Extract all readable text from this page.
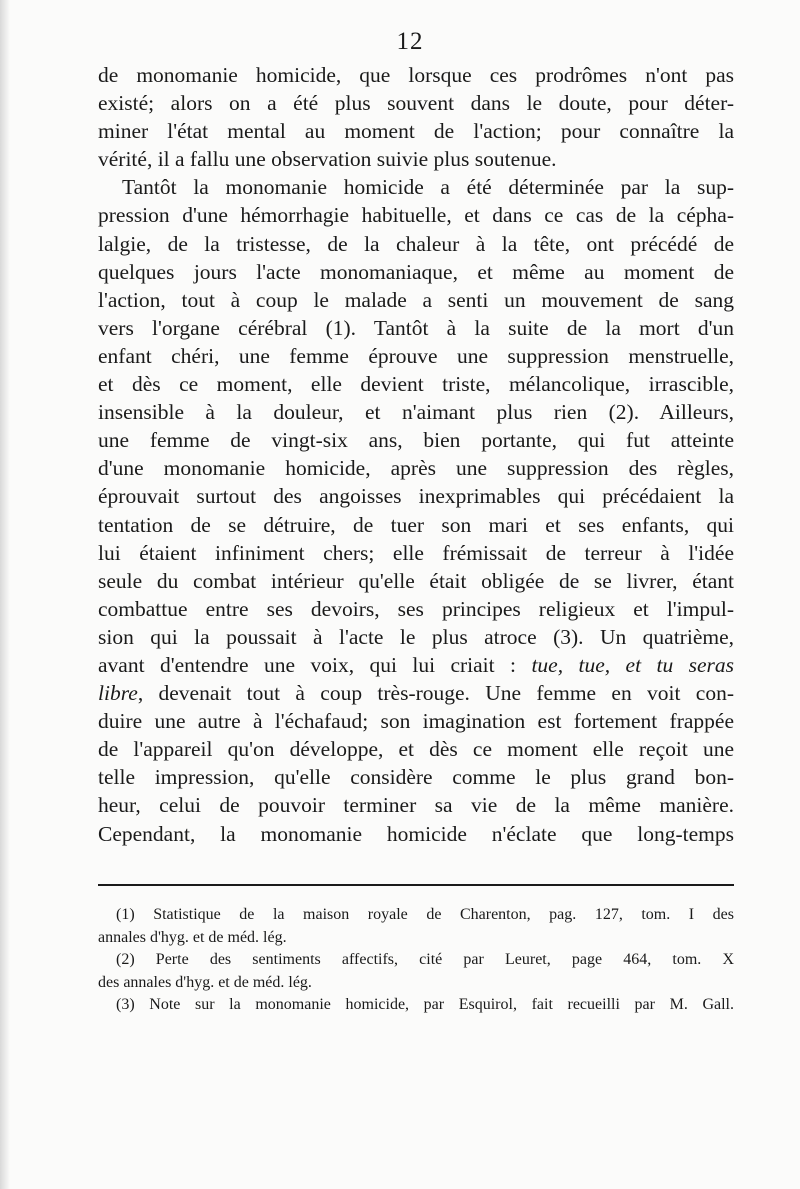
12
de monomanie homicide, que lorsque ces prodrômes n'ont pas
existé; alors on a été plus souvent dans le doute, pour déter-
miner l'état mental au moment de l'action; pour connaître la
vérité, il a fallu une observation suivie plus soutenue.
Tantôt la monomanie homicide a été déterminée par la sup-
pression d'une hémorrhagie habituelle, et dans ce cas de la cépha-
lalgie, de la tristesse, de la chaleur à la tête, ont précédé de
quelques jours l'acte monomaniaque, et même au moment de
l'action, tout à coup le malade a senti un mouvement de sang
vers l'organe cérébral (1). Tantôt à la suite de la mort d'un
enfant chéri, une femme éprouve une suppression menstruelle,
et dès ce moment, elle devient triste, mélancolique, irrascible,
insensible à la douleur, et n'aimant plus rien (2). Ailleurs,
une femme de vingt-six ans, bien portante, qui fut atteinte
d'une monomanie homicide, après une suppression des règles,
éprouvait surtout des angoisses inexprimables qui précédaient la
tentation de se détruire, de tuer son mari et ses enfants, qui
lui étaient infiniment chers; elle frémissait de terreur à l'idée
seule du combat intérieur qu'elle était obligée de se livrer, étant
combattue entre ses devoirs, ses principes religieux et l'impul-
sion qui la poussait à l'acte le plus atroce (3). Un quatrième,
avant d'entendre une voix, qui lui criait : tue, tue, et tu seras
libre, devenait tout à coup très-rouge. Une femme en voit con-
duire une autre à l'échafaud; son imagination est fortement frappée
de l'appareil qu'on développe, et dès ce moment elle reçoit une
telle impression, qu'elle considère comme le plus grand bon-
heur, celui de pouvoir terminer sa vie de la même manière.
Cependant, la monomanie homicide n'éclate que long-temps
(1) Statistique de la maison royale de Charenton, pag. 127, tom. I des
annales d'hyg. et de méd. lég.
(2) Perte des sentiments affectifs, cité par Leuret, page 464, tom. X
des annales d'hyg. et de méd. lég.
(3) Note sur la monomanie homicide, par Esquirol, fait recueilli par M. Gall.
